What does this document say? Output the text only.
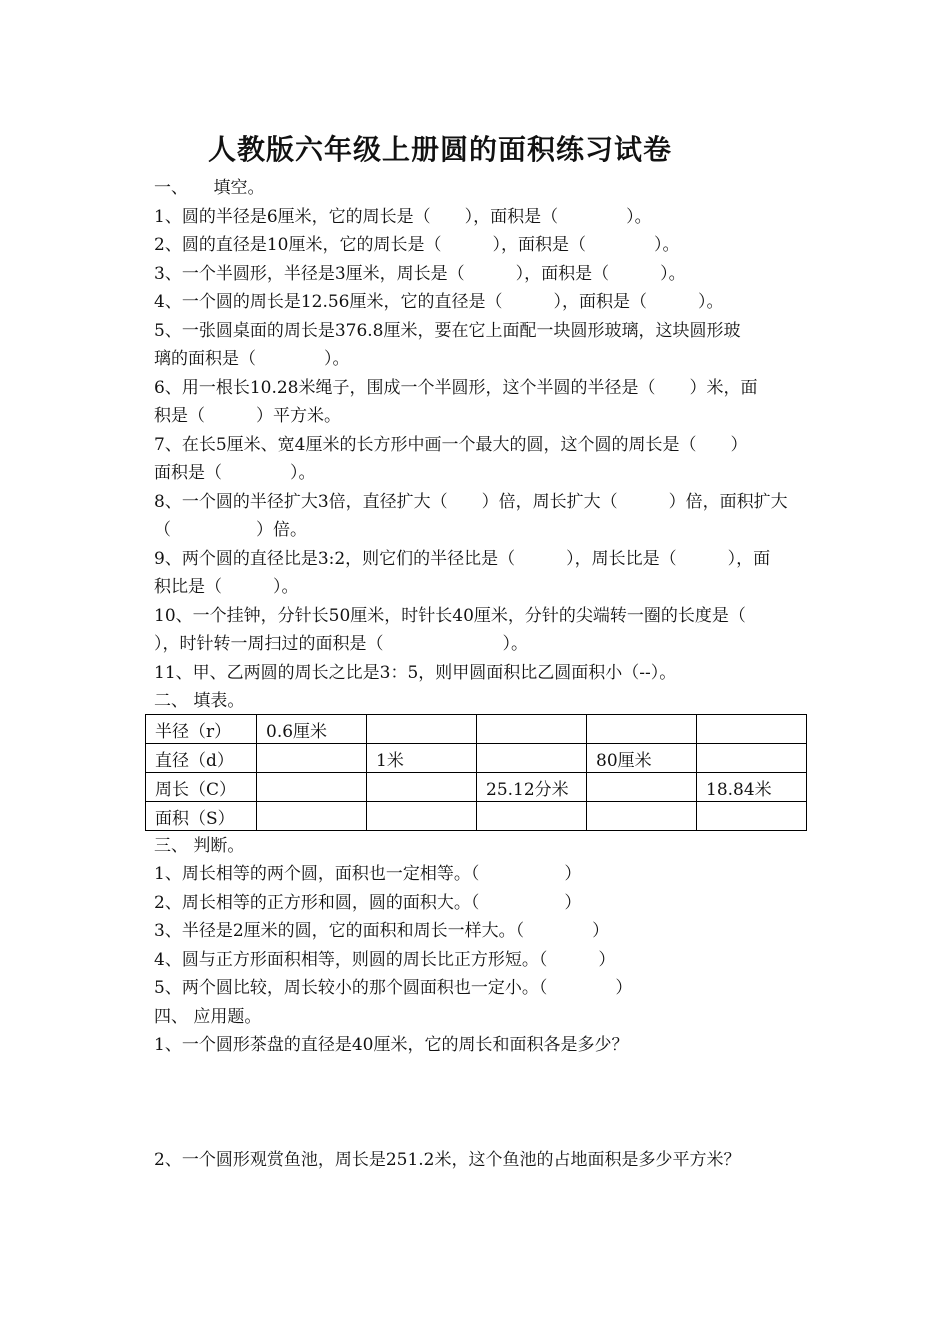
人教版六年级上册圆的面积练习试卷
一、　　填空。
1、圆的半径是6厘米，它的周长是（　　），面积是（　　　　）。
2、圆的直径是10厘米，它的周长是（　　　），面积是（　　　　）。
3、一个半圆形，半径是3厘米，周长是（　　　），面积是（　　　）。
4、一个圆的周长是12.56厘米，它的直径是（　　　），面积是（　　　）。
5、一张圆桌面的周长是376.8厘米，要在它上面配一块圆形玻璃，这块圆形玻
璃的面积是（　　　　）。
6、用一根长10.28米绳子，围成一个半圆形，这个半圆的半径是（　　）米，面
积是（　　　）平方米。
7、在长5厘米、宽4厘米的长方形中画一个最大的圆，这个圆的周长是（　　）
面积是（　　　　）。
8、一个圆的半径扩大3倍，直径扩大（　　）倍，周长扩大（　　　）倍，面积扩大
（　　　　　）倍。
9、两个圆的直径比是3:2，则它们的半径比是（　　　），周长比是（　　　），面
积比是（　　　）。
10、一个挂钟，分针长50厘米，时针长40厘米，分针的尖端转一圈的长度是（
），时针转一周扫过的面积是（　　　　　　　）。
11、甲、乙两圆的周长之比是3：5，则甲圆面积比乙圆面积小（--）。
二、 填表。
半径（r）	0.6厘米				
直径（d）		1米		80厘米	
周长（C）			25.12分米		18.84米
面积（S）					
三、 判断。
1、周长相等的两个圆，面积也一定相等。（　　　　　）
2、周长相等的正方形和圆，圆的面积大。（　　　　　）
3、半径是2厘米的圆，它的面积和周长一样大。（　　　　）
4、圆与正方形面积相等，则圆的周长比正方形短。（　　　）
5、两个圆比较，周长较小的那个圆面积也一定小。（　　　　）
四、 应用题。
1、一个圆形茶盘的直径是40厘米，它的周长和面积各是多少？
2、一个圆形观赏鱼池，周长是251.2米，这个鱼池的占地面积是多少平方米？
